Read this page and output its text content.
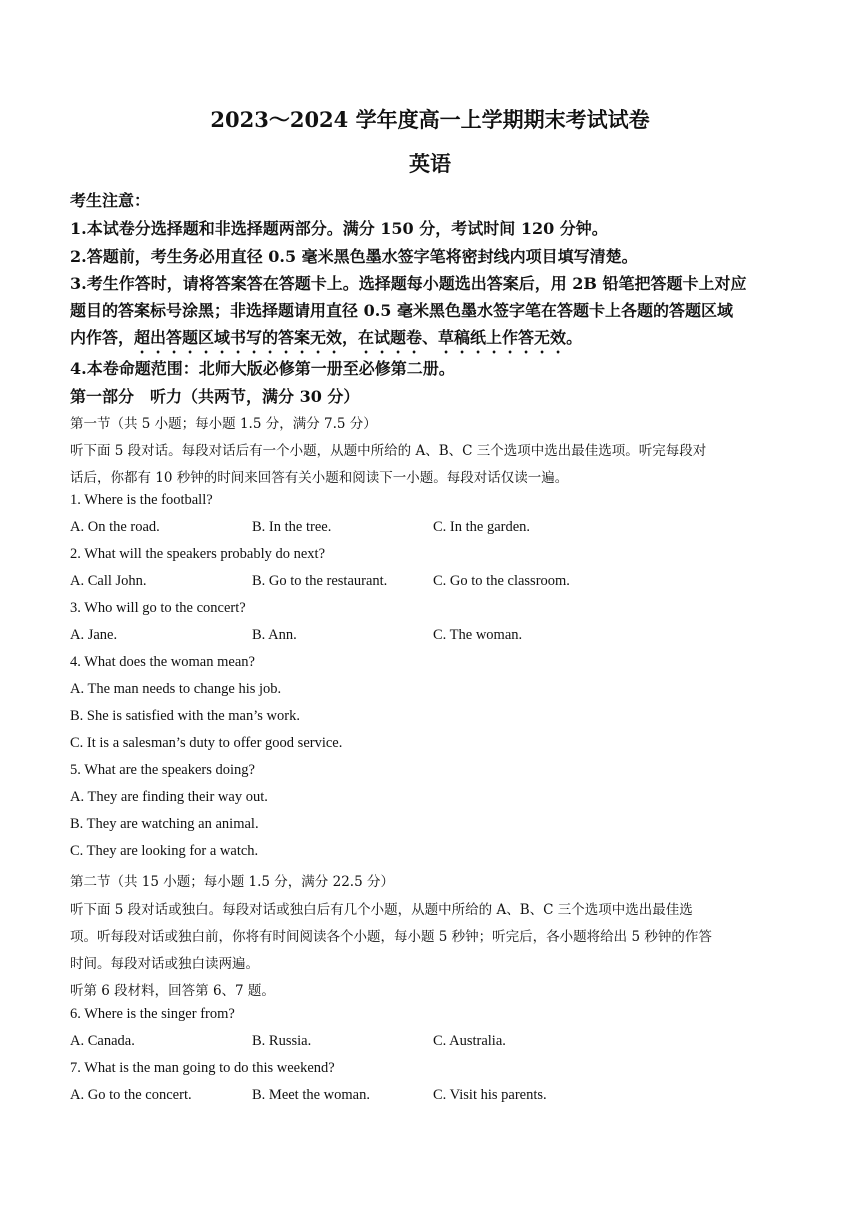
2023～2024 学年度高一上学期期末考试试卷
英语
考生注意：
1.本试卷分选择题和非选择题两部分。满分 150 分，考试时间 120 分钟。
2.答题前，考生务必用直径 0.5 毫米黑色墨水签字笔将密封线内项目填写清楚。
3.考生作答时，请将答案答在答题卡上。选择题每小题选出答案后，用 2B 铅笔把答题卡上对应
题目的答案标号涂黑；非选择题请用直径 0.5 毫米黑色墨水签字笔在答题卡上各题的答题区域
内作答，超出答题区域书写的答案无效，在试题卷、草稿纸上作答无效。
4.本卷命题范围：北师大版必修第一册至必修第二册。
第一部分　听力（共两节，满分 30 分）
第一节（共 5 小题；每小题 1.5 分，满分 7.5 分）
听下面 5 段对话。每段对话后有一个小题，从题中所给的 A、B、C 三个选项中选出最佳选项。听完每段对
话后，你都有 10 秒钟的时间来回答有关小题和阅读下一小题。每段对话仅读一遍。
1. Where is the football?
A. On the road.	B. In the tree.	C. In the garden.
2. What will the speakers probably do next?
A. Call John.	B. Go to the restaurant.	C. Go to the classroom.
3. Who will go to the concert?
A. Jane.	B. Ann.	C. The woman.
4. What does the woman mean?
A. The man needs to change his job.
B. She is satisfied with the man’s work.
C. It is a salesman’s duty to offer good service.
5. What are the speakers doing?
A. They are finding their way out.
B. They are watching an animal.
C. They are looking for a watch.
第二节（共 15 小题；每小题 1.5 分，满分 22.5 分）
听下面 5 段对话或独白。每段对话或独白后有几个小题，从题中所给的 A、B、C 三个选项中选出最佳选
项。听每段对话或独白前，你将有时间阅读各个小题，每小题 5 秒钟；听完后，各小题将给出 5 秒钟的作答
时间。每段对话或独白读两遍。
听第 6 段材料，回答第 6、7 题。
6. Where is the singer from?
A. Canada.	B. Russia.	C. Australia.
7. What is the man going to do this weekend?
A. Go to the concert.	B. Meet the woman.	C. Visit his parents.
